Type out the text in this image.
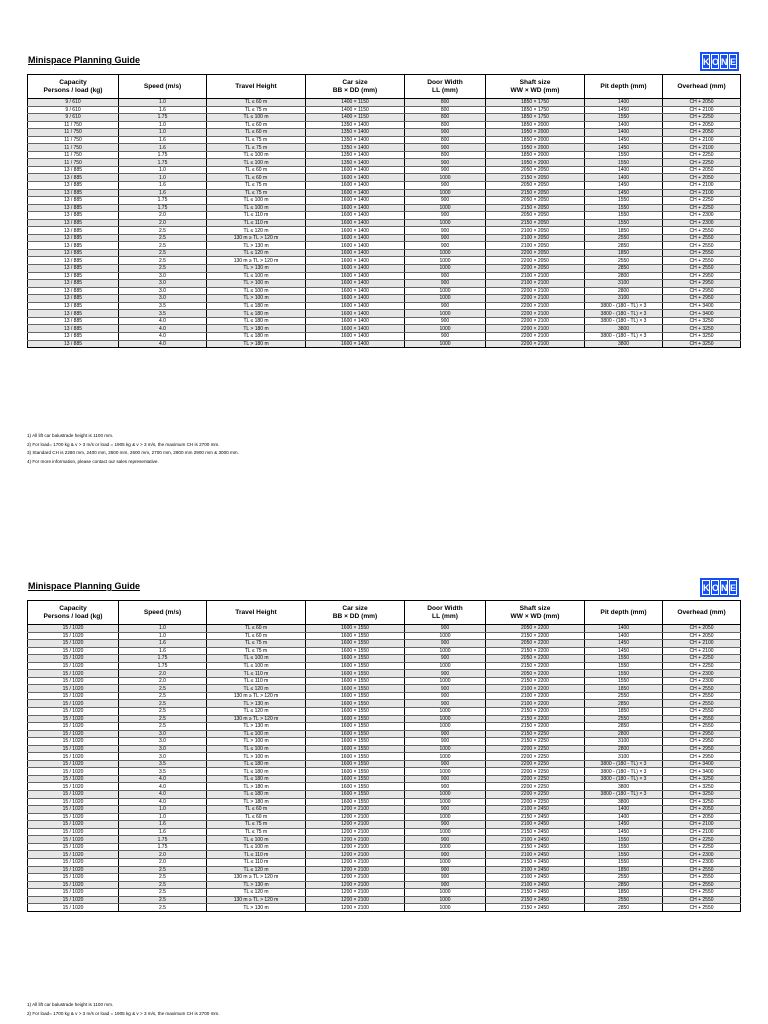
Minispace Planning Guide	K O N E
Capacity
Persons / load (kg)	Speed (m/s)	Travel Height	Car size
BB × DD (mm)	Door Width
LL (mm)	Shaft size
WW × WD (mm)	Pit depth (mm)	Overhead (mm)
9 / 610	1.0	TL ≤ 60 m	1400 × 1150	800	1850 × 1750	1400	CH + 2050
9 / 610	1.6	TL ≤ 75 m	1400 × 1150	800	1850 × 1750	1450	CH + 2100
9 / 610	1.75	TL ≤ 100 m	1400 × 1150	800	1850 × 1750	1550	CH + 2250
11 / 750	1.0	TL ≤ 60 m	1350 × 1400	800	1850 × 2000	1400	CH + 2050
11 / 750	1.0	TL ≤ 60 m	1350 × 1400	900	1950 × 2000	1400	CH + 2050
11 / 750	1.6	TL ≤ 75 m	1350 × 1400	800	1850 × 2000	1450	CH + 2100
11 / 750	1.6	TL ≤ 75 m	1350 × 1400	900	1950 × 2000	1450	CH + 2100
11 / 750	1.75	TL ≤ 100 m	1350 × 1400	800	1850 × 2000	1550	CH + 2250
11 / 750	1.75	TL ≤ 100 m	1350 × 1400	900	1950 × 2000	1550	CH + 2250
13 / 885	1.0	TL ≤ 60 m	1600 × 1400	900	2050 × 2050	1400	CH + 2050
13 / 885	1.0	TL ≤ 60 m	1600 × 1400	1000	2150 × 2050	1400	CH + 2050
13 / 885	1.6	TL ≤ 75 m	1600 × 1400	900	2050 × 2050	1450	CH + 2100
13 / 885	1.6	TL ≤ 75 m	1600 × 1400	1000	2150 × 2050	1450	CH + 2100
13 / 885	1.75	TL ≤ 100 m	1600 × 1400	900	2050 × 2050	1550	CH + 2250
13 / 885	1.75	TL ≤ 100 m	1600 × 1400	1000	2150 × 2050	1550	CH + 2250
13 / 885	2.0	TL ≤ 110 m	1600 × 1400	900	2050 × 2050	1550	CH + 2300
13 / 885	2.0	TL ≤ 110 m	1600 × 1400	1000	2150 × 2050	1550	CH + 2300
13 / 885	2.5	TL ≤ 120 m	1600 × 1400	900	2100 × 2050	1850	CH + 2550
13 / 885	2.5	130 m ≥ TL > 120 m	1600 × 1400	900	2100 × 2050	2550	CH + 2550
13 / 885	2.5	TL > 130 m	1600 × 1400	900	2100 × 2050	2850	CH + 2550
13 / 885	2.5	TL ≤ 120 m	1600 × 1400	1000	2200 × 2050	1850	CH + 2550
13 / 885	2.5	130 m ≥ TL > 120 m	1600 × 1400	1000	2200 × 2050	2550	CH + 2550
13 / 885	2.5	TL > 130 m	1600 × 1400	1000	2200 × 2050	2850	CH + 2550
13 / 885	3.0	TL ≤ 100 m	1600 × 1400	900	2100 × 2100	2800	CH + 2950
13 / 885	3.0	TL > 100 m	1600 × 1400	900	2100 × 2100	3100	CH + 2950
13 / 885	3.0	TL ≤ 100 m	1600 × 1400	1000	2200 × 2100	2800	CH + 2950
13 / 885	3.0	TL > 100 m	1600 × 1400	1000	2200 × 2100	3100	CH + 2950
13 / 885	3.5	TL ≤ 180 m	1600 × 1400	900	2200 × 2100	3800 - (180 - TL) × 3	CH + 3400
13 / 885	3.5	TL ≤ 180 m	1600 × 1400	1000	2200 × 2100	3800 - (180 - TL) × 3	CH + 3400
13 / 885	4.0	TL ≤ 180 m	1600 × 1400	900	2200 × 2100	3800 - (180 - TL) × 3	CH + 3250
13 / 885	4.0	TL > 180 m	1600 × 1400	1000	2200 × 2100	3800	CH + 3250
13 / 885	4.0	TL ≤ 180 m	1600 × 1400	900	2200 × 2100	3800 - (180 - TL) × 3	CH + 3250
13 / 885	4.0	TL > 180 m	1600 × 1400	1000	2200 × 2100	3800	CH + 3250
1) All lift car balustrade height is 1100 mm.
2) For load= 1700 kg & v > 3 m/s or load = 1905 kg & v > 3 m/s, the maximum CH is 2700 mm.
3) Standard CH is 2280 mm, 2400 mm, 2500 mm, 2600 mm, 2700 mm, 2800 mm 2900 mm & 3000 mm.
4) For more information, please contact our sales representative.
Minispace Planning Guide	K O N E
Capacity
Persons / load (kg)	Speed (m/s)	Travel Height	Car size
BB × DD (mm)	Door Width
LL (mm)	Shaft size
WW × WD (mm)	Pit depth (mm)	Overhead (mm)
15 / 1020	1.0	TL ≤ 60 m	1600 × 1550	900	2050 × 2200	1400	CH + 2050
15 / 1020	1.0	TL ≤ 60 m	1600 × 1550	1000	2150 × 2200	1400	CH + 2050
15 / 1020	1.6	TL ≤ 75 m	1600 × 1550	900	2050 × 2200	1450	CH + 2100
15 / 1020	1.6	TL ≤ 75 m	1600 × 1550	1000	2150 × 2200	1450	CH + 2100
15 / 1020	1.75	TL ≤ 100 m	1600 × 1550	900	2050 × 2200	1550	CH + 2250
15 / 1020	1.75	TL ≤ 100 m	1600 × 1550	1000	2150 × 2200	1550	CH + 2250
15 / 1020	2.0	TL ≤ 110 m	1600 × 1550	900	2050 × 2200	1550	CH + 2300
15 / 1020	2.0	TL ≤ 110 m	1600 × 1550	1000	2150 × 2200	1550	CH + 2300
15 / 1020	2.5	TL ≤ 120 m	1600 × 1550	900	2100 × 2200	1850	CH + 2550
15 / 1020	2.5	130 m ≥ TL > 120 m	1600 × 1550	900	2100 × 2200	2550	CH + 2550
15 / 1020	2.5	TL > 130 m	1600 × 1550	900	2100 × 2200	2850	CH + 2550
15 / 1020	2.5	TL ≤ 120 m	1600 × 1550	1000	2150 × 2200	1850	CH + 2550
15 / 1020	2.5	130 m ≥ TL > 120 m	1600 × 1550	1000	2150 × 2200	2550	CH + 2550
15 / 1020	2.5	TL > 130 m	1600 × 1550	1000	2150 × 2200	2850	CH + 2550
15 / 1020	3.0	TL ≤ 100 m	1600 × 1550	900	2150 × 2250	2800	CH + 2950
15 / 1020	3.0	TL > 100 m	1600 × 1550	900	2150 × 2250	3100	CH + 2950
15 / 1020	3.0	TL ≤ 100 m	1600 × 1550	1000	2200 × 2250	2800	CH + 2950
15 / 1020	3.0	TL > 100 m	1600 × 1550	1000	2200 × 2250	3100	CH + 2950
15 / 1020	3.5	TL ≤ 180 m	1600 × 1550	900	2200 × 2250	3800 - (180 - TL) × 3	CH + 3400
15 / 1020	3.5	TL ≤ 180 m	1600 × 1550	1000	2200 × 2250	3800 - (180 - TL) × 3	CH + 3400
15 / 1020	4.0	TL ≤ 180 m	1600 × 1550	900	2200 × 2250	3800 - (180 - TL) × 3	CH + 3250
15 / 1020	4.0	TL > 180 m	1600 × 1550	900	2200 × 2250	3800	CH + 3250
15 / 1020	4.0	TL ≤ 180 m	1600 × 1550	1000	2200 × 2250	3800 - (180 - TL) × 3	CH + 3250
15 / 1020	4.0	TL > 180 m	1600 × 1550	1000	2200 × 2250	3800	CH + 3250
15 / 1020	1.0	TL ≤ 60 m	1200 × 2100	900	2100 × 2450	1400	CH + 2050
15 / 1020	1.0	TL ≤ 60 m	1200 × 2100	1000	2150 × 2450	1400	CH + 2050
15 / 1020	1.6	TL ≤ 75 m	1200 × 2100	900	2100 × 2450	1450	CH + 2100
15 / 1020	1.6	TL ≤ 75 m	1200 × 2100	1000	2150 × 2450	1450	CH + 2100
15 / 1020	1.75	TL ≤ 100 m	1200 × 2100	900	2100 × 2450	1550	CH + 2250
15 / 1020	1.75	TL ≤ 100 m	1200 × 2100	1000	2150 × 2450	1550	CH + 2250
15 / 1020	2.0	TL ≤ 110 m	1200 × 2100	900	2100 × 2450	1550	CH + 2300
15 / 1020	2.0	TL ≤ 110 m	1200 × 2100	1000	2150 × 2450	1550	CH + 2300
15 / 1020	2.5	TL ≤ 120 m	1200 × 2100	900	2100 × 2450	1850	CH + 2550
15 / 1020	2.5	130 m ≥ TL > 120 m	1200 × 2100	900	2100 × 2450	2550	CH + 2550
15 / 1020	2.5	TL > 130 m	1200 × 2100	900	2100 × 2450	2850	CH + 2550
15 / 1020	2.5	TL ≤ 120 m	1200 × 2100	1000	2150 × 2450	1850	CH + 2550
15 / 1020	2.5	130 m ≥ TL > 120 m	1200 × 2100	1000	2150 × 2450	2550	CH + 2550
15 / 1020	2.5	TL > 130 m	1200 × 2100	1000	2150 × 2450	2850	CH + 2550
1) All lift car balustrade height is 1100 mm.
2) For load= 1700 kg & v > 3 m/s or load = 1905 kg & v > 3 m/s, the maximum CH is 2700 mm.
